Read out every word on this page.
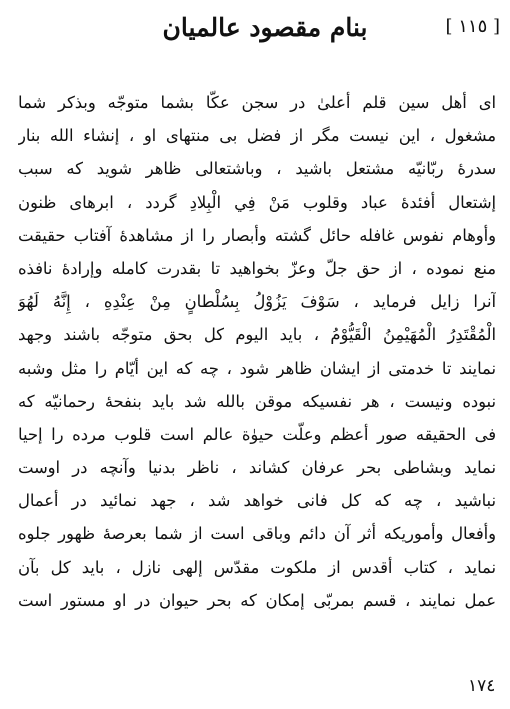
بنام مقصود عالميان	[ ١١٥ ]
اى أهل سين قلم أعلىٰ در سجن عكّا بشما متوجّه وبذكر شما
مشغول ، اين نيست مگر از فضل بى منتهاى او ، إنشاء الله بنار
سدرهٔ ربّانيّه مشتعل باشيد ، وباشتعالى ظاهر شويد كه سبب
إشتعال أفئدهٔ عباد وقلوب مَنْ فِي الْبِلادِ گردد ، ابرهاى ظنون
وأوهام نفوس غافله حائل گشته وأبصار را از مشاهدهٔ آفتاب حقيقت
منع نموده ، از حق جلّ وعزّ بخواهيد تا بقدرت كامله وإرادهٔ نافذه
آنرا زايل فرمايد ، سَوْفَ يَزُوْلُ بِسُلْطانٍ مِنْ عِنْدِهِ ، إِنَّهُ لَهُوَ
الْمُقْتَدِرُ الْمُهَيْمِنُ الْقَيُّوْمُ ، بايد اليوم كل بحق متوجّه باشند وجهد
نمايند تا خدمتى از ايشان ظاهر شود ، چه كه اين أيّام را مثل وشبه
نبوده ونيست ، هر نفسيكه موقن بالله شد بايد بنفحهٔ رحمانيّه كه
فى الحقيقه صور أعظم وعلّت حيوٰة عالم است قلوب مرده را إحيا
نمايد وبشاطى بحر عرفان كشاند ، ناظر بدنيا وآنچه در اوست
نباشيد ، چه كه كل فانى خواهد شد ، جهد نمائيد در أعمال
وأفعال وأموريكه أثر آن دائم وباقى است از شما بعرصهٔ ظهور جلوه
نمايد ، كتاب أقدس از ملكوت مقدّس إلهى نازل ، بايد كل بآن
عمل نمايند ، قسم بمربّى إمكان كه بحر حيوان در او مستور است
١٧٤
